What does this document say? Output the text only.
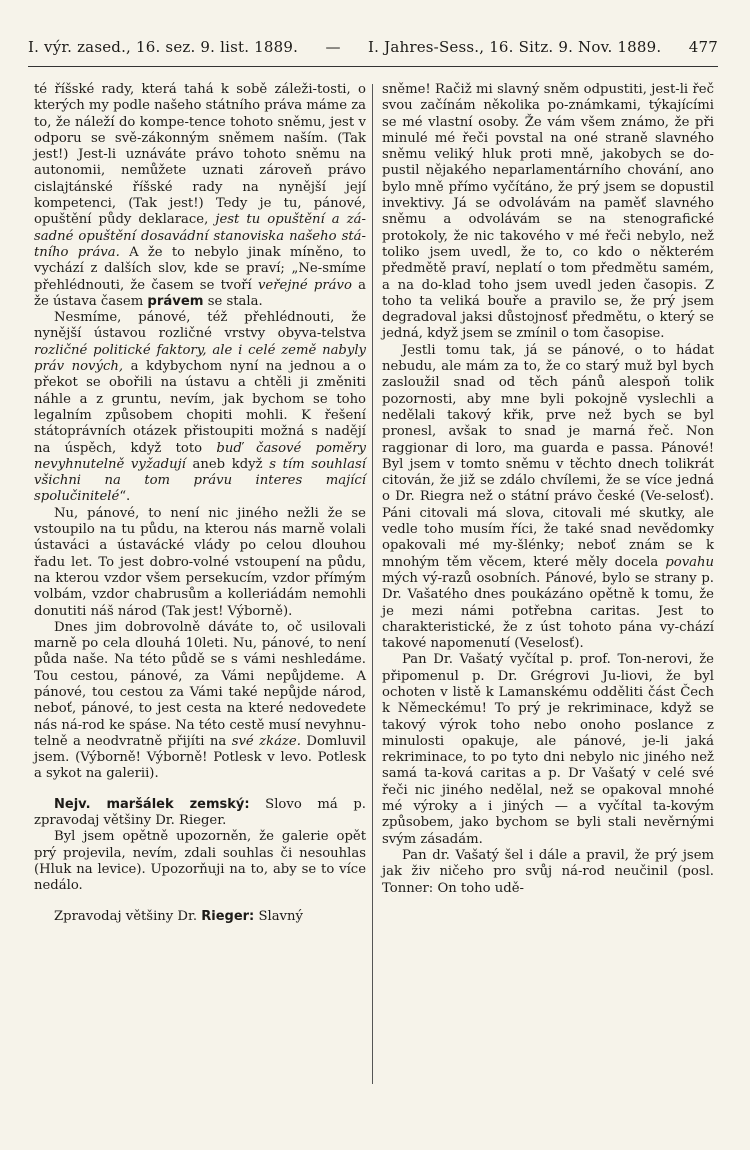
I. výr. zased., 16. sez. 9. list. 1889. — I. Jahres-Sess., 16. Sitz. 9. Nov. 1889. 477

té říšské rady, která tahá k sobě záleži-tosti, o kterých my podle našeho státního práva máme za to, že náleží do kompe-tence tohoto sněmu, jest v odporu se svě-zákonným sněmem naším. (Tak jest!) Jest-li uznáváte právo tohoto sněmu na autonomii, nemůžete uznati zároveň právo cislajtánské říšské rady na nynější její kompetenci, (Tak jest!) Tedy je tu, pánové, opuštění půdy deklarace, jest tu opuštění a zá-sadné opuštění dosavádní stanoviska našeho stá-tního práva. A že to nebylo jinak míněno, to vychází z dalších slov, kde se praví; „Ne-smíme přehlédnouti, že časem se tvoří veřejné právo a že ústava časem právem se stala.

Nesmíme, pánové, též přehlédnouti, že nynější ústavou rozličné vrstvy obyva-telstva rozličné politické faktory, ale i celé země nabyly práv nových, a kdybychom nyní na jednou a o překot se obořili na ústavu a chtěli ji změniti náhle a z gruntu, nevím, jak bychom se toho legalním způsobem chopiti mohli. K řešení státoprávních otázek přistoupiti možná s nadějí na úspěch, když toto buď časové poměry nevyhnutelně vyžadují aneb když s tím souhlasí všichni na tom právu interes mající spolučinitelé“.

Nu, pánové, to není nic jiného nežli že se vstoupilo na tu půdu, na kterou nás marně volali ústaváci a ústavácké vlády po celou dlouhou řadu let. To jest dobro-volné vstoupení na půdu, na kterou vzdor všem persekucím, vzdor přímým volbám, vzdor chabrusům a kolleriádám nemohli donutiti náš národ (Tak jest! Výborně).

Dnes jim dobrovolně dáváte to, oč usilovali marně po cela dlouhá 10leti. Nu, pánové, to není půda naše. Na této půdě se s vámi neshledáme. Tou cestou, pánové, za Vámi nepůjdeme. A pánové, tou cestou za Vámi také nepůjde národ, neboť, pánové, to jest cesta na které nedovedete nás ná-rod ke spáse. Na této cestě musí nevyhnu-telně a neodvratně přijíti na své zkáze. Domluvil jsem. (Výborně! Výborně! Potlesk v levo. Potlesk a sykot na galerii).

Nejv. maršálek zemský: Slovo má p. zpravodaj většiny Dr. Rieger.

Byl jsem opětně upozorněn, že galerie opět prý projevila, nevím, zdali souhlas či nesouhlas (Hluk na levice). Upozorňuji na to, aby se to více nedálo.

Zpravodaj většiny Dr. Rieger: Slavný

sněme! Račiž mi slavný sněm odpustiti, jest-li řeč svou začínám několika po-známkami, týkajícími se mé vlastní osoby. Že vám všem známo, že při minulé mé řeči povstal na oné straně slavného sněmu veliký hluk proti mně, jakobych se do-pustil nějakého neparlamentárního chování, ano bylo mně přímo vyčítáno, že prý jsem se dopustil invektivy. Já se odvolávám na paměť slavného sněmu a odvolávám se na stenografické protokoly, že nic takového v mé řeči nebylo, než toliko jsem uvedl, že to, co kdo o některém předmětě praví, neplatí o tom předmětu samém, a na do-klad toho jsem uvedl jeden časopis. Z toho ta veliká bouře a pravilo se, že prý jsem degradoval jaksi důstojnosť předmětu, o který se jedná, když jsem se zmínil o tom časopise.

Jestli tomu tak, já se pánové, o to hádat nebudu, ale mám za to, že co starý muž byl bych zasloužil snad od těch pánů alespoň tolik pozornosti, aby mne byli pokojně vyslechli a nedělali takový křik, prve než bych se byl pronesl, avšak to snad je marná řeč. Non raggionar di loro, ma guarda e passa. Pánové! Byl jsem v tomto sněmu v těchto dnech tolikrát citován, že již se zdálo chvílemi, že se více jedná o Dr. Riegra než o státní právo české (Ve-selosť). Páni citovali má slova, citovali mé skutky, ale vedle toho musím říci, že také snad nevědomky opakovali mé my-šlénky; neboť znám se k mnohým těm věcem, které měly docela povahu mých vý-razů osobních. Pánové, bylo se strany p. Dr. Vašatého dnes poukázáno opětně k tomu, že je mezi námi potřebna caritas. Jest to charakteristické, že z úst tohoto pána vy-chází takové napomenutí (Veselosť).

Pan Dr. Vašatý vyčítal p. prof. Ton-nerovi, že připomenul p. Dr. Grégrovi Ju-liovi, že byl ochoten v listě k Lamanskému odděliti část Čech k Německému! To prý je rekriminace, když se takový výrok toho nebo onoho poslance z minulosti opakuje, ale pánové, je-li jaká rekriminace, to po tyto dni nebylo nic jiného než samá ta-ková caritas a p. Dr Vašatý v celé své řeči nic jiného nedělal, než se opakoval mnohé mé výroky a i jiných — a vyčítal ta-kovým způsobem, jako bychom se byli stali nevěrnými svým zásadám.

Pan dr. Vašatý šel i dále a pravil, že prý jsem jak živ ničeho pro svůj ná-rod neučinil (posl. Tonner: On toho udě-
